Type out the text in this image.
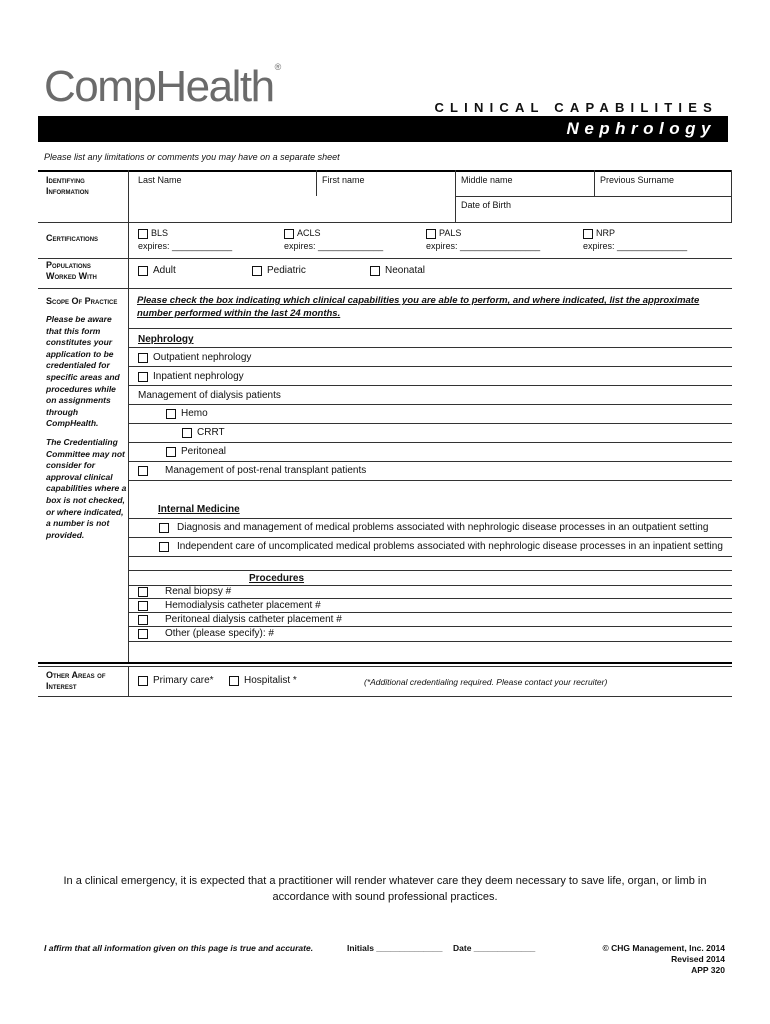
CompHealth®
CLINICAL CAPABILITIES
Nephrology
Please list any limitations or comments you may have on a separate sheet
Identifying
Information
Last Name	First name	Middle name	Previous Surname
Date of Birth
Certifications	BLS
expires: ____________
ACLS
expires: _____________
PALS
expires: ________________
NRP
expires: ______________
Populations
Worked With	Adult	Pediatric	Neonatal
Scope Of Practice

Please be aware that this form constitutes your application to be credentialed for specific areas and procedures while on assignments through CompHealth.

The Credentialing Committee may not consider for approval clinical capabilities where a box is not checked, or where indicated, a number is not provided.

Please check the box indicating which clinical capabilities you are able to perform, and where indicated, list the approximate number performed within the last 24 months.
Nephrology
Outpatient nephrology
Inpatient nephrology
Management of dialysis patients
Hemo
CRRT
Peritoneal
Management of post-renal transplant patients
Internal Medicine
Diagnosis and management of medical problems associated with nephrologic disease processes in an outpatient setting
Independent care of uncomplicated medical problems associated with nephrologic disease processes in an inpatient setting
Procedures
Renal biopsy #
Hemodialysis catheter placement #
Peritoneal dialysis catheter placement #
Other (please specify): #
Other Areas of
Interest	Primary care*	Hospitalist *	(*Additional credentialing required. Please contact your recruiter)
In a clinical emergency, it is expected that a practitioner will render whatever care they deem necessary to save life, organ, or limb in accordance with sound professional practices.
I affirm that all information given on this page is true and accurate.	Initials ______________ Date _____________	© CHG Management, Inc. 2014
Revised 2014
APP 320
